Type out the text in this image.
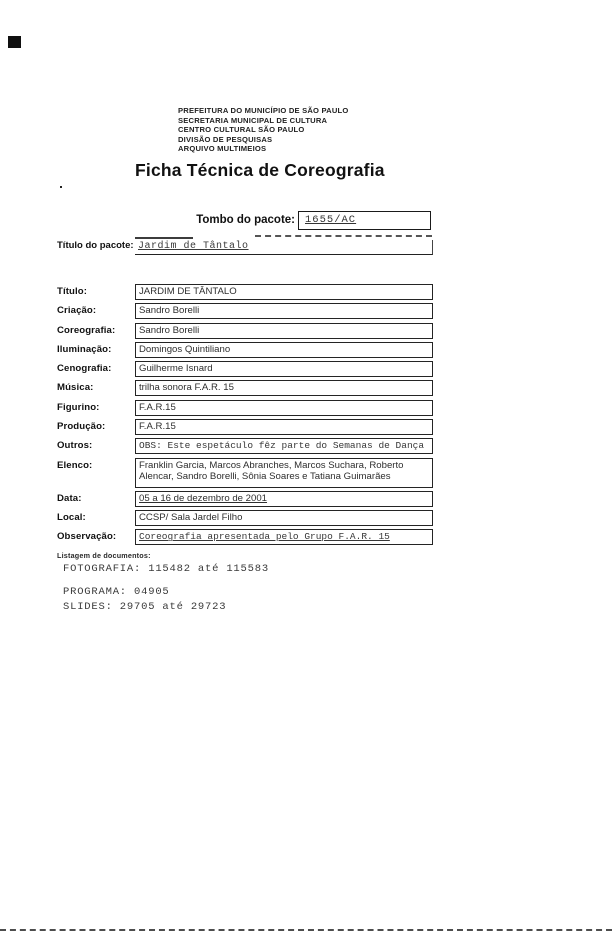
PREFEITURA DO MUNICÍPIO DE SÃO PAULO
SECRETARIA MUNICIPAL DE CULTURA
CENTRO CULTURAL SÃO PAULO
DIVISÃO DE PESQUISAS
ARQUIVO MULTIMEIOS
Ficha Técnica de Coreografia
Tombo do pacote: 1655/AC
Título do pacote: Jardim de Tântalo
Título:	JARDIM DE TÂNTALO
Criação:	Sandro Borelli
Coreografia:	Sandro Borelli
Iluminação:	Domingos Quintiliano
Cenografia:	Guilherme Isnard
Música:	trilha sonora F.A.R. 15
Figurino:	F.A.R.15
Produção:	F.A.R.15
Outros:	OBS: Este espetáculo fêz parte do Semanas de Dança
Elenco:	Franklin Garcia, Marcos Abranches, Marcos Suchara, Roberto Alencar, Sandro Borelli, Sônia Soares e Tatiana Guimarães
Data:	05 a 16 de dezembro de 2001
Local:	CCSP/ Sala Jardel Filho
Observação:	Coreografia apresentada pelo Grupo F.A.R. 15
Listagem de documentos:
FOTOGRAFIA: 115482 até 115583
PROGRAMA: 04905
SLIDES: 29705 até 29723
